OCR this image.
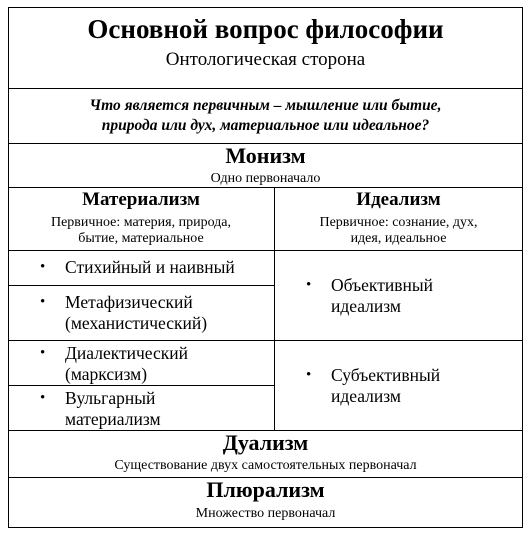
Основной вопрос философии
Онтологическая сторона
Что является первичным – мышление или бытие,
природа или дух, материальное или идеальное?
Монизм
Одно первоначало
Материализм
Первичное: материя, природа,
бытие, материальное
Идеализм
Первичное: сознание, дух,
идея, идеальное
• Стихийный и наивный
• Метафизический
(механистический)
• Диалектический
(марксизм)
• Вульгарный
материализм
• Объективный
идеализм
• Субъективный
идеализм
Дуализм
Существование двух самостоятельных первоначал
Плюрализм
Множество первоначал
